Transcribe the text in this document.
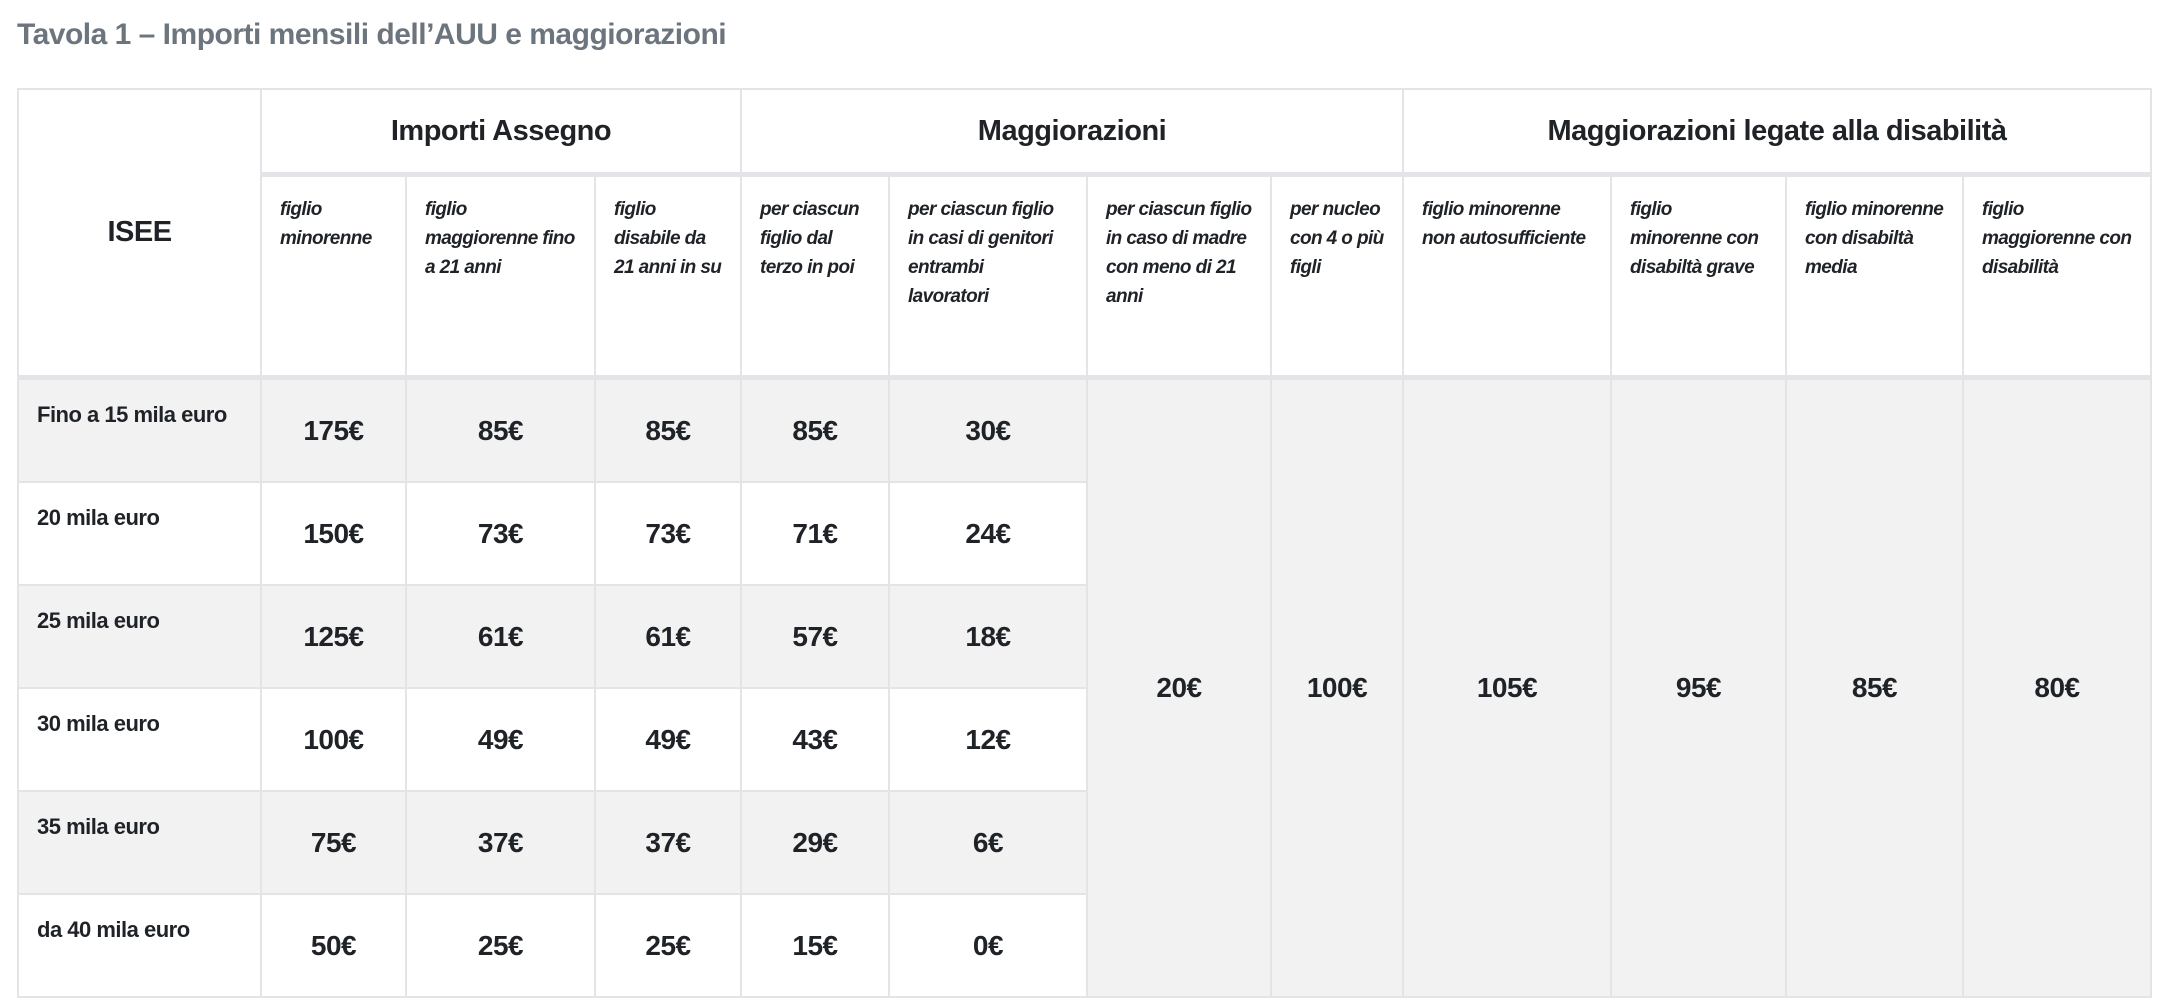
Tavola 1 – Importi mensili dell’AUU e maggiorazioni
ISEE	Importi Assegno			Maggiorazioni				Maggiorazioni legate alla disabilità			
	figlio minorenne	figlio maggiorenne fino a 21 anni	figlio disabile da 21 anni in su	per ciascun figlio dal terzo in poi	per ciascun figlio in casi di genitori entrambi lavoratori	per ciascun figlio in caso di madre con meno di 21 anni	per nucleo con 4 o più figli	figlio minorenne non autosufficiente	figlio minorenne con disabiltà grave	figlio minorenne con disabiltà media	figlio maggiorenne con disabilità
Fino a 15 mila euro	175€	85€	85€	85€	30€	20€	100€	105€	95€	85€	80€
20 mila euro	150€	73€	73€	71€	24€						
25 mila euro	125€	61€	61€	57€	18€						
30 mila euro	100€	49€	49€	43€	12€						
35 mila euro	75€	37€	37€	29€	6€						
da 40 mila euro	50€	25€	25€	15€	0€						
